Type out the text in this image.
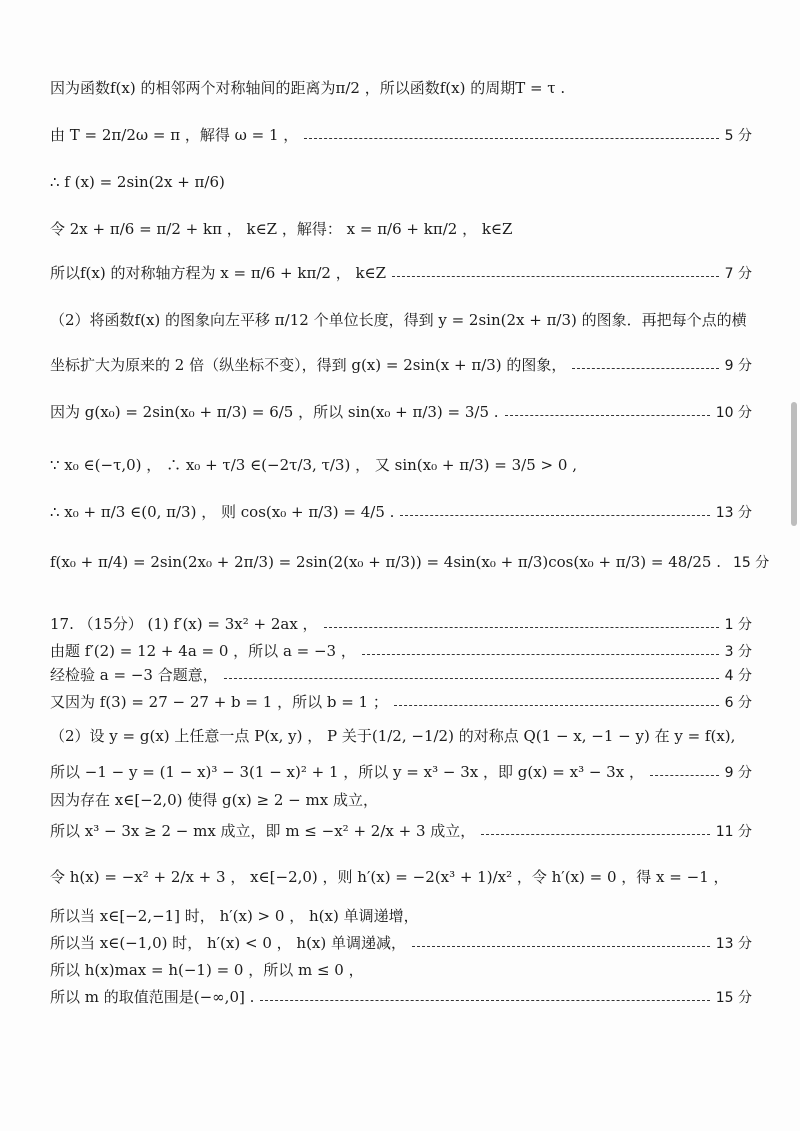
因为函数f(x) 的相邻两个对称轴间的距离为π/2 ，所以函数f(x) 的周期T = τ .
由 T = 2π/2ω = π ，解得 ω = 1 ，	5 分
∴ f (x) = 2sin(2x + π/6)
令 2x + π/6 = π/2 + kπ ， k∈Z ，解得： x = π/6 + kπ/2 ， k∈Z
所以f(x) 的对称轴方程为 x = π/6 + kπ/2 ， k∈Z	7 分
（2）将函数f(x) 的图象向左平移 π/12 个单位长度，得到 y = 2sin(2x + π/3) 的图象．再把每个点的横
坐标扩大为原来的 2 倍（纵坐标不变），得到 g(x) = 2sin(x + π/3) 的图象，	9 分
因为 g(x₀) = 2sin(x₀ + π/3) = 6/5 ，所以 sin(x₀ + π/3) = 3/5 .	10 分
∵ x₀ ∈(−τ,0) ， ∴ x₀ + τ/3 ∈(−2τ/3, τ/3) ， 又 sin(x₀ + π/3) = 3/5 > 0 ,
∴ x₀ + π/3 ∈(0, π/3) ， 则 cos(x₀ + π/3) = 4/5 .	13 分
f(x₀ + π/4) = 2sin(2x₀ + 2π/3) = 2sin(2(x₀ + π/3)) = 4sin(x₀ + π/3)cos(x₀ + π/3) = 48/25 . 15 分
17. （15分） (1) f′(x) = 3x² + 2ax ，	1 分
由题 f′(2) = 12 + 4a = 0 ，所以 a = −3 ，	3 分
经检验 a = −3 合题意，	4 分
又因为 f(3) = 27 − 27 + b = 1 ，所以 b = 1 ；	6 分
（2）设 y = g(x) 上任意一点 P(x, y) ， P 关于(1/2, −1/2) 的对称点 Q(1 − x, −1 − y) 在 y = f(x),
所以 −1 − y = (1 − x)³ − 3(1 − x)² + 1 ，所以 y = x³ − 3x ，即 g(x) = x³ − 3x ，	9 分
因为存在 x∈[−2,0) 使得 g(x) ≥ 2 − mx 成立，
所以 x³ − 3x ≥ 2 − mx 成立，即 m ≤ −x² + 2/x + 3 成立，	11 分
令 h(x) = −x² + 2/x + 3 ， x∈[−2,0) ，则 h′(x) = −2(x³ + 1)/x² ，令 h′(x) = 0 ，得 x = −1 ，
所以当 x∈[−2,−1] 时， h′(x) > 0 ， h(x) 单调递增，
所以当 x∈(−1,0) 时， h′(x) < 0 ， h(x) 单调递减，	13 分
所以 h(x)max = h(−1) = 0 ，所以 m ≤ 0 ，
所以 m 的取值范围是(−∞,0] .	15 分
